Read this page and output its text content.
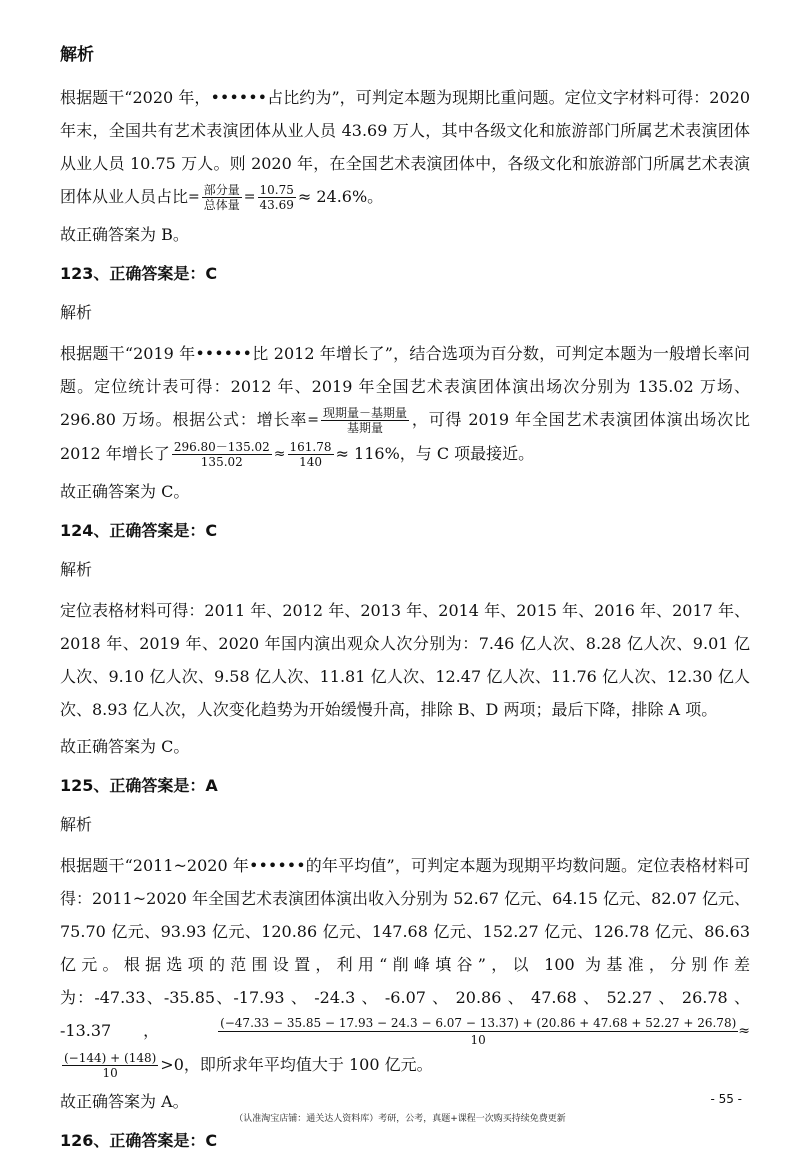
解析
根据题干“2020 年，••••••占比约为”，可判定本题为现期比重问题。定位文字材料可得：2020 年末，全国共有艺术表演团体从业人员 43.69 万人，其中各级文化和旅游部门所属艺术表演团体从业人员 10.75 万人。则 2020 年，在全国艺术表演团体中，各级文化和旅游部门所属艺术表演团体从业人员占比= $\frac{\text{部分量}}{\text{总体量}} = \frac{10.75}{43.69} \approx 24.6\%$。
故正确答案为 B。
123、正确答案是：C
解析
根据题干“2019 年••••••比 2012 年增长了”，结合选项为百分数，可判定本题为一般增长率问题。定位统计表可得：2012 年、2019 年全国艺术表演团体演出场次分别为 135.02 万场、296.80 万场。根据公式：增长率= $\frac{\text{现期量－基期量}}{\text{基期量}}$ ，可得 2019 年全国艺术表演团体演出场次比 2012 年增长了 $\frac{296.80-135.02}{135.02} \approx \frac{161.78}{140} \approx 116\%$，与 C 项最接近。
故正确答案为 C。
124、正确答案是：C
解析
定位表格材料可得：2011 年、2012 年、2013 年、2014 年、2015 年、2016 年、2017 年、2018 年、2019 年、2020 年国内演出观众人次分别为：7.46 亿人次、8.28 亿人次、9.01 亿人次、9.10 亿人次、9.58 亿人次、11.81 亿人次、12.47 亿人次、11.76 亿人次、12.30 亿人次、8.93 亿人次，人次变化趋势为开始缓慢升高，排除 B、D 两项；最后下降，排除 A 项。
故正确答案为 C。
125、正确答案是：A
解析
根据题干“2011~2020 年••••••的年平均值”，可判定本题为现期平均数问题。定位表格材料可得：2011~2020 年全国艺术表演团体演出收入分别为 52.67 亿元、64.15 亿元、82.07 亿元、75.70 亿元、93.93 亿元、120.86 亿元、147.68 亿元、152.27 亿元、126.78 亿元、86.63 亿元。根据选项的范围设置，利用“削峰填谷”，以 100 为基准，分别作差为：-47.33、-35.85、-17.93 、 -24.3 、 -6.07 、 20.86 、 47.68 、 52.27 、 26.78 、 -13.37 ，	(−47.33 − 35.85 − 17.93 − 24.3 − 6.07 − 13.37) + (20.86 + 47.68 + 52.27 + 26.78)
10
≈
$\frac{(-144) + (148)}{10} >0$，即所求年平均值大于 100 亿元。
故正确答案为 A。
126、正确答案是：C
- 55 -
（认准淘宝店铺：通关达人资料库）考研，公考，真题+课程一次购买持续免费更新
